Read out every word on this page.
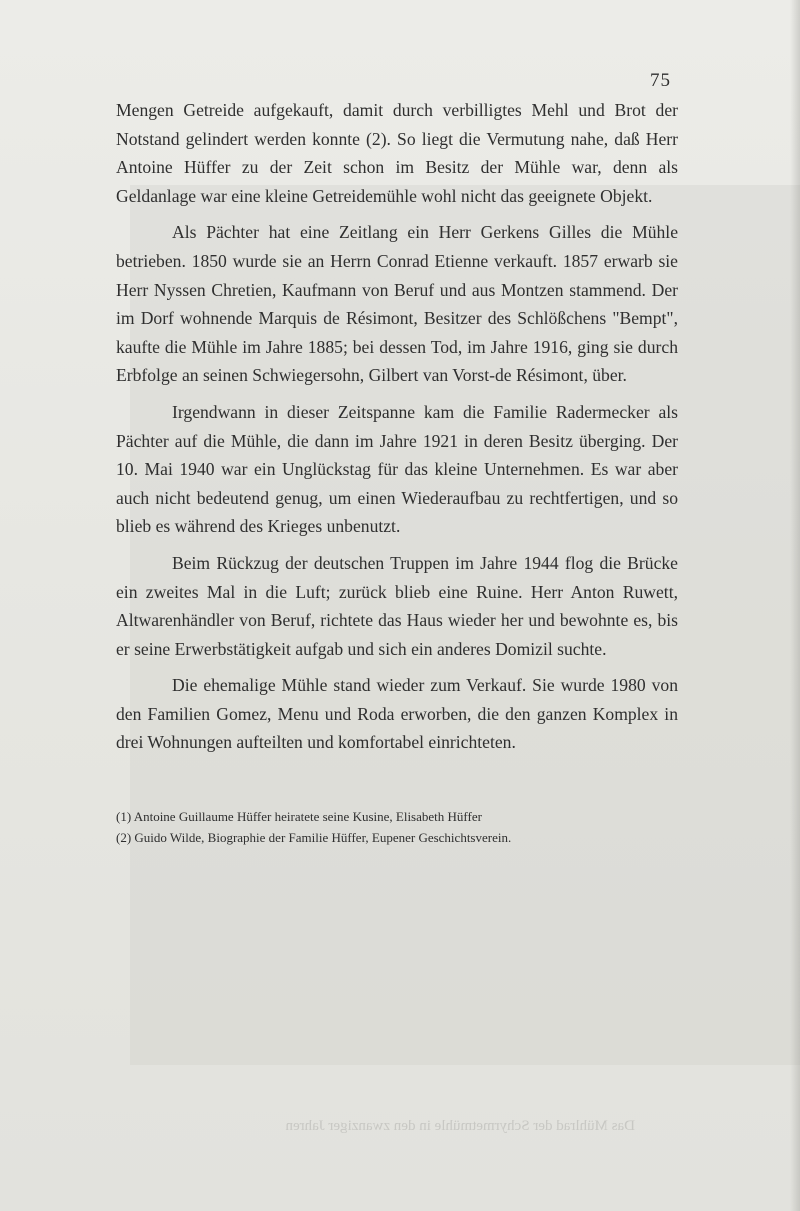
Das Mühlrad der Schyrmetmühle in den zwanziger Jahren
75

Mengen Getreide aufgekauft, damit durch verbilligtes Mehl und Brot der Notstand gelindert werden konnte (2). So liegt die Vermutung nahe, daß Herr Antoine Hüffer zu der Zeit schon im Besitz der Mühle war, denn als Geldanlage war eine kleine Getreidemühle wohl nicht das geeignete Objekt.

Als Pächter hat eine Zeitlang ein Herr Gerkens Gilles die Mühle betrieben. 1850 wurde sie an Herrn Conrad Etienne verkauft. 1857 erwarb sie Herr Nyssen Chretien, Kaufmann von Beruf und aus Montzen stammend. Der im Dorf wohnende Marquis de Résimont, Besitzer des Schlößchens "Bempt", kaufte die Mühle im Jahre 1885; bei dessen Tod, im Jahre 1916, ging sie durch Erbfolge an seinen Schwiegersohn, Gilbert van Vorst-de Résimont, über.

Irgendwann in dieser Zeitspanne kam die Familie Radermecker als Pächter auf die Mühle, die dann im Jahre 1921 in deren Besitz überging. Der 10. Mai 1940 war ein Unglückstag für das kleine Unternehmen. Es war aber auch nicht bedeutend genug, um einen Wiederaufbau zu rechtfertigen, und so blieb es während des Krieges unbenutzt.

Beim Rückzug der deutschen Truppen im Jahre 1944 flog die Brücke ein zweites Mal in die Luft; zurück blieb eine Ruine. Herr Anton Ruwett, Altwarenhändler von Beruf, richtete das Haus wieder her und bewohnte es, bis er seine Erwerbstätigkeit aufgab und sich ein anderes Domizil suchte.

Die ehemalige Mühle stand wieder zum Verkauf. Sie wurde 1980 von den Familien Gomez, Menu und Roda erworben, die den ganzen Komplex in drei Wohnungen aufteilten und komfortabel einrichteten.

(1) Antoine Guillaume Hüffer heiratete seine Kusine, Elisabeth Hüffer

(2) Guido Wilde, Biographie der Familie Hüffer, Eupener Geschichtsverein.
